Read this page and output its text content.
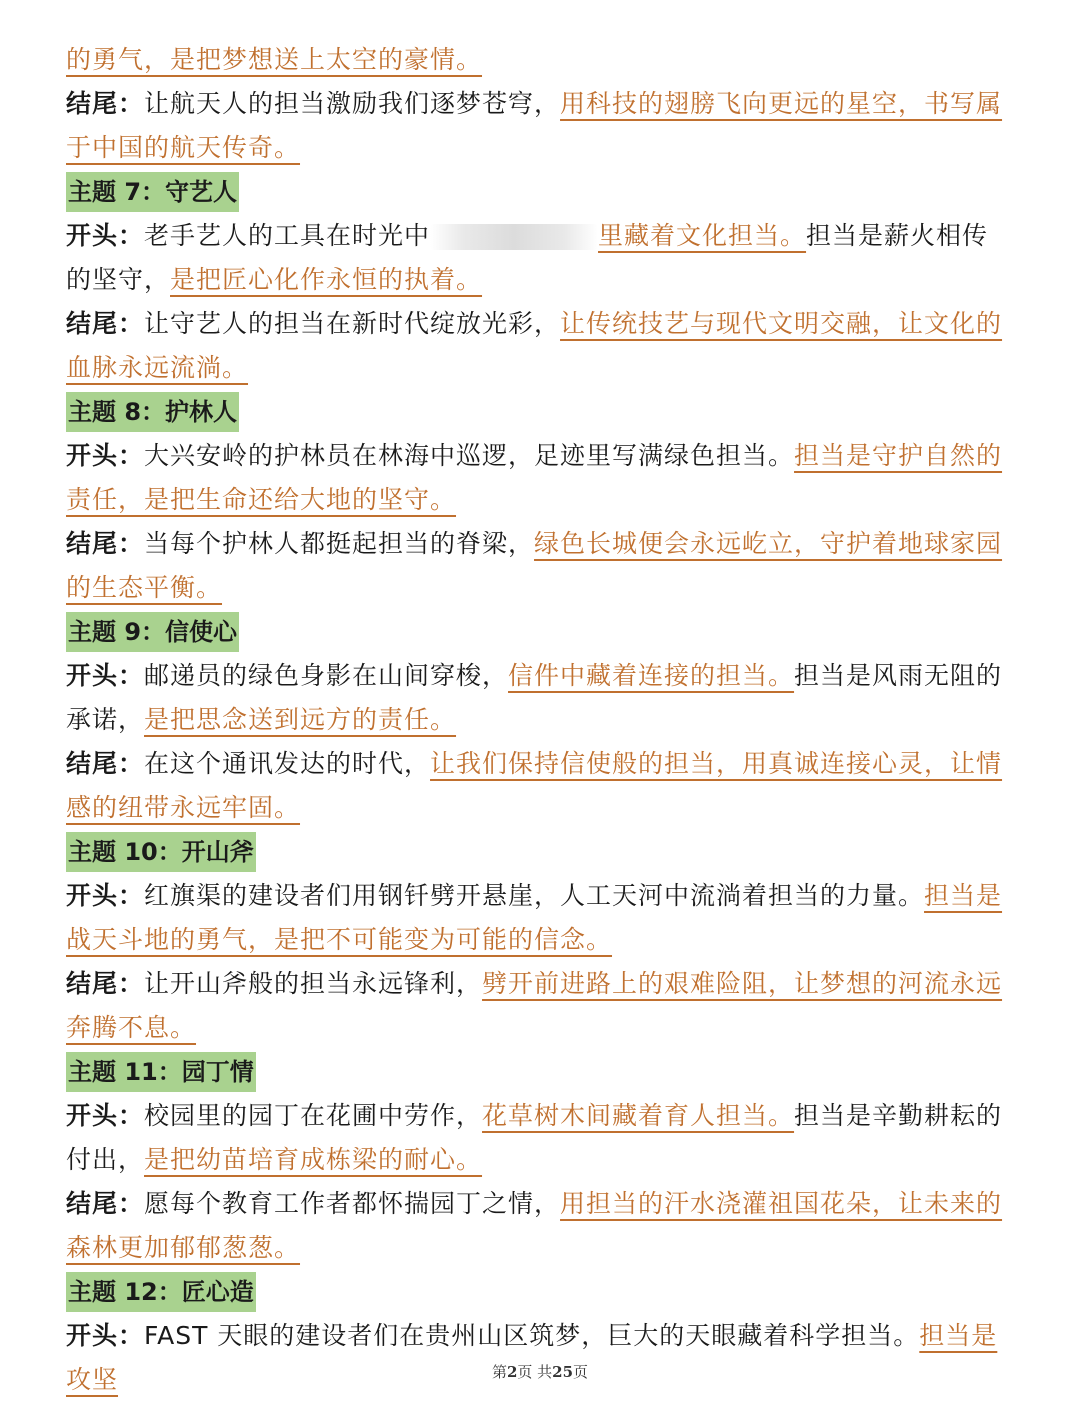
的勇气，是把梦想送上太空的豪情。

结尾：让航天人的担当激励我们逐梦苍穹，用科技的翅膀飞向更远的星空，书写属于中国的航天传奇。

主题 7：守艺人

开头：老手艺人的工具在时光中	里藏着文化担当。担当是薪火相传的坚守，是把匠心化作永恒的执着。

结尾：让守艺人的担当在新时代绽放光彩，让传统技艺与现代文明交融，让文化的血脉永远流淌。

主题 8：护林人

开头：大兴安岭的护林员在林海中巡逻，足迹里写满绿色担当。担当是守护自然的责任，是把生命还给大地的坚守。

结尾：当每个护林人都挺起担当的脊梁，绿色长城便会永远屹立，守护着地球家园的生态平衡。

主题 9：信使心

开头：邮递员的绿色身影在山间穿梭，信件中藏着连接的担当。担当是风雨无阻的承诺，是把思念送到远方的责任。

结尾：在这个通讯发达的时代，让我们保持信使般的担当，用真诚连接心灵，让情感的纽带永远牢固。

主题 10：开山斧

开头：红旗渠的建设者们用钢钎劈开悬崖，人工天河中流淌着担当的力量。担当是战天斗地的勇气，是把不可能变为可能的信念。

结尾：让开山斧般的担当永远锋利，劈开前进路上的艰难险阻，让梦想的河流永远奔腾不息。

主题 11：园丁情

开头：校园里的园丁在花圃中劳作，花草树木间藏着育人担当。担当是辛勤耕耘的付出，是把幼苗培育成栋梁的耐心。

结尾：愿每个教育工作者都怀揣园丁之情，用担当的汗水浇灌祖国花朵，让未来的森林更加郁郁葱葱。

主题 12：匠心造

开头：FAST 天眼的建设者们在贵州山区筑梦，巨大的天眼藏着科学担当。担当是攻坚	第2页 共25页
